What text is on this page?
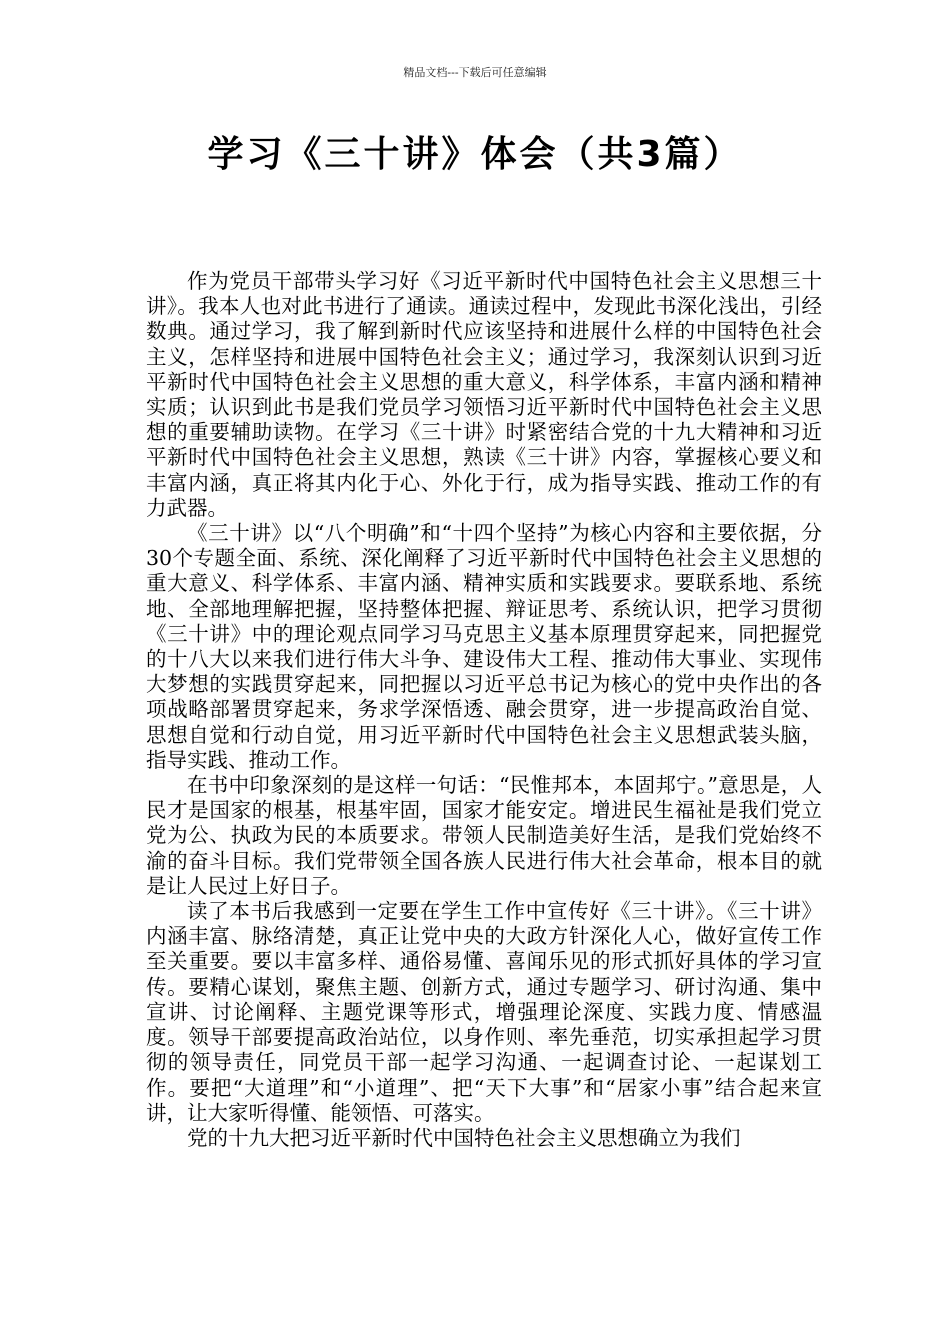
精品文档---下载后可任意编辑
学习《三十讲》体会（共3篇）

作为党员干部带头学习好《习近平新时代中国特色社会主义思想三十讲》。我本人也对此书进行了通读。通读过程中，发现此书深化浅出，引经数典。通过学习，我了解到新时代应该坚持和进展什么样的中国特色社会主义，怎样坚持和进展中国特色社会主义；通过学习，我深刻认识到习近平新时代中国特色社会主义思想的重大意义，科学体系，丰富内涵和精神实质；认识到此书是我们党员学习领悟习近平新时代中国特色社会主义思想的重要辅助读物。在学习《三十讲》时紧密结合党的十九大精神和习近平新时代中国特色社会主义思想，熟读《三十讲》内容，掌握核心要义和丰富内涵，真正将其内化于心、外化于行，成为指导实践、推动工作的有力武器。

《三十讲》以“八个明确”和“十四个坚持”为核心内容和主要依据，分30个专题全面、系统、深化阐释了习近平新时代中国特色社会主义思想的重大意义、科学体系、丰富内涵、精神实质和实践要求。要联系地、系统地、全部地理解把握，坚持整体把握、辩证思考、系统认识，把学习贯彻《三十讲》中的理论观点同学习马克思主义基本原理贯穿起来，同把握党的十八大以来我们进行伟大斗争、建设伟大工程、推动伟大事业、实现伟大梦想的实践贯穿起来，同把握以习近平总书记为核心的党中央作出的各项战略部署贯穿起来，务求学深悟透、融会贯穿，进一步提高政治自觉、思想自觉和行动自觉，用习近平新时代中国特色社会主义思想武装头脑，指导实践、推动工作。

在书中印象深刻的是这样一句话：“民惟邦本，本固邦宁。”意思是，人民才是国家的根基，根基牢固，国家才能安定。增进民生福祉是我们党立党为公、执政为民的本质要求。带领人民制造美好生活，是我们党始终不渝的奋斗目标。我们党带领全国各族人民进行伟大社会革命，根本目的就是让人民过上好日子。

读了本书后我感到一定要在学生工作中宣传好《三十讲》。《三十讲》内涵丰富、脉络清楚，真正让党中央的大政方针深化人心，做好宣传工作至关重要。要以丰富多样、通俗易懂、喜闻乐见的形式抓好具体的学习宣传。要精心谋划，聚焦主题、创新方式，通过专题学习、研讨沟通、集中宣讲、讨论阐释、主题党课等形式，增强理论深度、实践力度、情感温度。领导干部要提高政治站位，以身作则、率先垂范，切实承担起学习贯彻的领导责任，同党员干部一起学习沟通、一起调查讨论、一起谋划工作。要把“大道理”和“小道理”、把“天下大事”和“居家小事”结合起来宣讲，让大家听得懂、能领悟、可落实。

党的十九大把习近平新时代中国特色社会主义思想确立为我们
